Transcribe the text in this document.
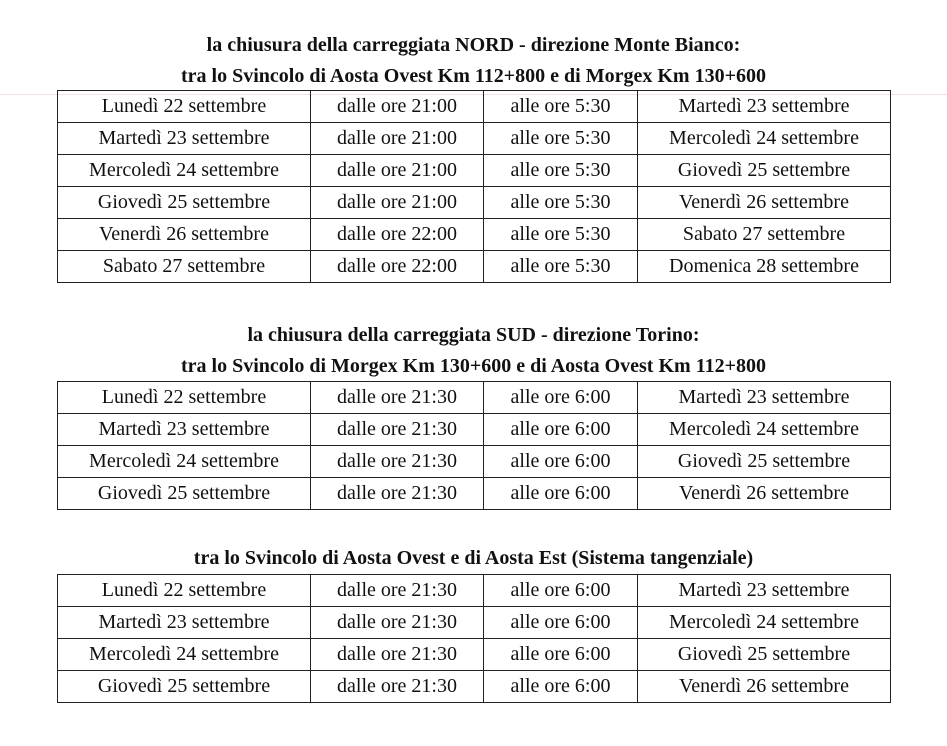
la chiusura della carreggiata NORD - direzione Monte Bianco:
tra lo Svincolo di Aosta Ovest Km 112+800 e di Morgex Km 130+600
Lunedì 22 settembre	dalle ore 21:00	alle ore 5:30	Martedì 23 settembre
Martedì 23 settembre	dalle ore 21:00	alle ore 5:30	Mercoledì 24 settembre
Mercoledì 24 settembre	dalle ore 21:00	alle ore 5:30	Giovedì 25 settembre
Giovedì 25 settembre	dalle ore 21:00	alle ore 5:30	Venerdì 26 settembre
Venerdì 26 settembre	dalle ore 22:00	alle ore 5:30	Sabato 27 settembre
Sabato 27 settembre	dalle ore 22:00	alle ore 5:30	Domenica 28 settembre
la chiusura della carreggiata SUD - direzione Torino:
tra lo Svincolo di Morgex Km 130+600 e di Aosta Ovest Km 112+800
Lunedì 22 settembre	dalle ore 21:30	alle ore 6:00	Martedì 23 settembre
Martedì 23 settembre	dalle ore 21:30	alle ore 6:00	Mercoledì 24 settembre
Mercoledì 24 settembre	dalle ore 21:30	alle ore 6:00	Giovedì 25 settembre
Giovedì 25 settembre	dalle ore 21:30	alle ore 6:00	Venerdì 26 settembre
tra lo Svincolo di Aosta Ovest e di Aosta Est (Sistema tangenziale)
Lunedì 22 settembre	dalle ore 21:30	alle ore 6:00	Martedì 23 settembre
Martedì 23 settembre	dalle ore 21:30	alle ore 6:00	Mercoledì 24 settembre
Mercoledì 24 settembre	dalle ore 21:30	alle ore 6:00	Giovedì 25 settembre
Giovedì 25 settembre	dalle ore 21:30	alle ore 6:00	Venerdì 26 settembre
